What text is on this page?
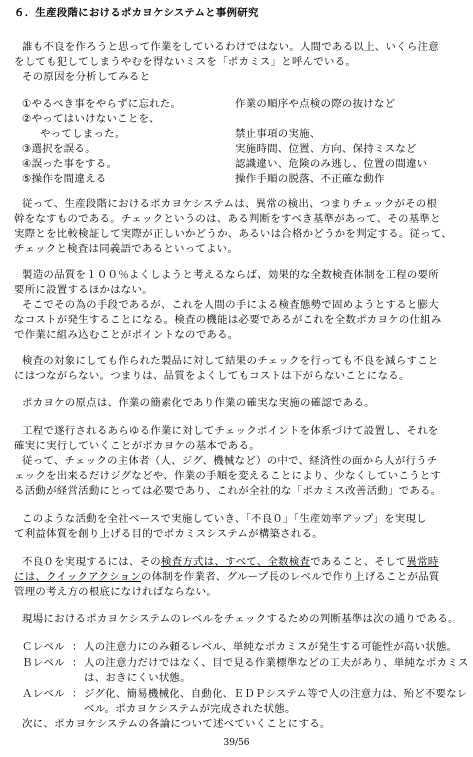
６．生産段階におけるポカヨケシステムと事例研究
誰も不良を作ろうと思って作業をしているわけではない。人間である以上、いくら注意
をしても犯してしまうやむを得ないミスを「ポカミス」と呼んでいる。
その原因を分析してみると
①やるべき事をやらずに忘れた。	作業の順序や点検の際の抜けなど
②やってはいけないことを、
やってしまった。	禁止事項の実施、
③選択を誤る。	実施時間、位置、方向、保持ミスなど
④誤った事をする。	認識違い、危険のみ逃し、位置の間違い
⑤操作を間違える	操作手順の脱落、不正確な動作
従って、生産段階におけるポカヨケシステムは、異常の検出、つまりチェックがその根
幹をなすものである。チェックというのは、ある判断をすべき基準があって、その基準と
実際とを比較検証して実際が正しいかどうか、あるいは合格かどうかを判定する。従って、
チェックと検査は同義語であるといってよい。
製造の品質を１００％よくしようと考えるならば、効果的な全数検査体制を工程の要所
要所に設置するほかはない。
そこでその為の手段であるが、これを人間の手による検査態勢で固めようとすると膨大
なコストが発生することになる。検査の機能は必要であるがこれを全数ポカヨケの仕組み
で作業に組み込むことがポイントなのである。
検査の対象にしても作られた製品に対して結果のチェックを行っても不良を減らすこと
にはつながらない。つまりは、品質をよくしてもコストは下がらないことになる。
ポカヨケの原点は、作業の簡素化であり作業の確実な実施の確認である。
工程で遂行されるあらゆる作業に対してチェックポイントを体系づけて設置し、それを
確実に実行していくことがポカヨケの基本である。
従って、チェックの主体者（人、ジグ、機械など）の中で、経済性の面から人が行うチ
ェックを出来るだけジグなどや、作業の手順を変えることにより、少なくしていこうとす
る活動が経営活動にとっては必要であり、これが全社的な「ポカミス改善活動」である。
このような活動を全社ベースで実施していき、「不良０」「生産効率アップ」を実現し
て利益体質を創り上げる目的でポカミスシステムが構築される。
不良０を実現するには、その検査方式は、すべて、全数検査であること、そして異常時
には、クイックアクションの体制を作業者、グループ長のレベルで作り上げることが品質
管理の考え方の根底になければならない。
現場におけるポカヨケシステムのレベルをチェックするための判断基準は次の通りである。
Ｃレベル ： 人の注意力にのみ頼るレベル、単純なポカミスが発生する可能性が高い状態。
Ｂレベル ： 人の注意力だけではなく、目で見る作業標準などの工夫があり、単純なポカミス
は、おきにくい状態。
Ａレベル ： ジグ化、簡易機械化、自動化、ＥＤＰシステム等で人の注意力は、殆ど不要なレ
ベル。ポカヨケシステムが完成された状態。
次に、ポカヨケシステムの各論について述べていくことにする。
39/56
